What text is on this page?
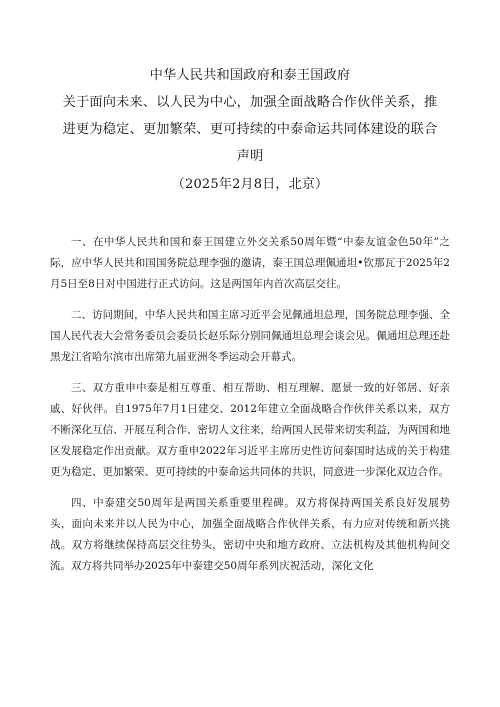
中华人民共和国政府和泰王国政府
关于面向未来、以人民为中心，加强全面战略合作伙伴关系，推
进更为稳定、更加繁荣、更可持续的中泰命运共同体建设的联合
声明
（2025年2月8日，北京）

一、在中华人民共和国和泰王国建立外交关系50周年暨“中泰友谊金色50年”之际，应中华人民共和国国务院总理李强的邀请，泰王国总理佩通坦•钦那瓦于2025年2月5日至8日对中国进行正式访问。这是两国年内首次高层交往。

二、访问期间，中华人民共和国主席习近平会见佩通坦总理，国务院总理李强、全国人民代表大会常务委员会委员长赵乐际分别同佩通坦总理会谈会见。佩通坦总理还赴黑龙江省哈尔滨市出席第九届亚洲冬季运动会开幕式。

三、双方重申中泰是相互尊重、相互帮助、相互理解、愿景一致的好邻居、好亲戚、好伙伴。自1975年7月1日建交、2012年建立全面战略合作伙伴关系以来，双方不断深化互信、开展互利合作、密切人文往来，给两国人民带来切实利益，为两国和地区发展稳定作出贡献。双方重申2022年习近平主席历史性访问泰国时达成的关于构建更为稳定、更加繁荣、更可持续的中泰命运共同体的共识，同意进一步深化双边合作。

四、中泰建交50周年是两国关系重要里程碑。双方将保持两国关系良好发展势头，面向未来并以人民为中心，加强全面战略合作伙伴关系，有力应对传统和新兴挑战。双方将继续保持高层交往势头，密切中央和地方政府、立法机构及其他机构间交流。双方将共同举办2025年中泰建交50周年系列庆祝活动，深化文化
